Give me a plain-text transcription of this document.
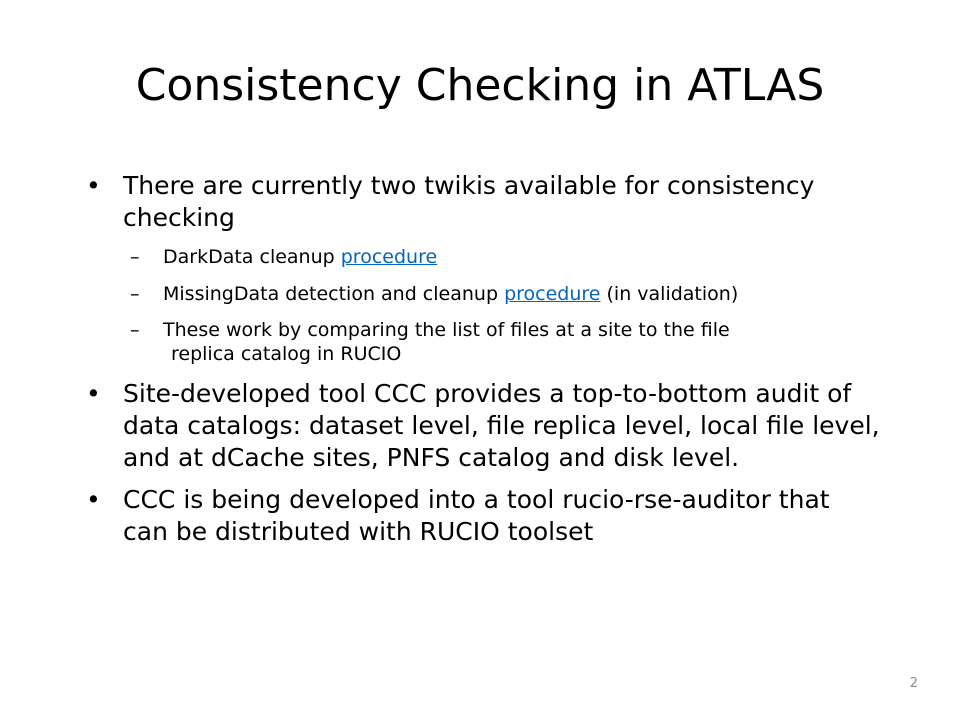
Consistency Checking in ATLAS
• There are currently two twikis available for consistency
checking
– DarkData cleanup procedure
– MissingData detection and cleanup procedure (in validation)
– These work by comparing the list of files at a site to the file
replica catalog in RUCIO
• Site-developed tool CCC provides a top-to-bottom audit of
data catalogs: dataset level, file replica level, local file level,
and at dCache sites, PNFS catalog and disk level.
• CCC is being developed into a tool rucio-rse-auditor that
can be distributed with RUCIO toolset
2
